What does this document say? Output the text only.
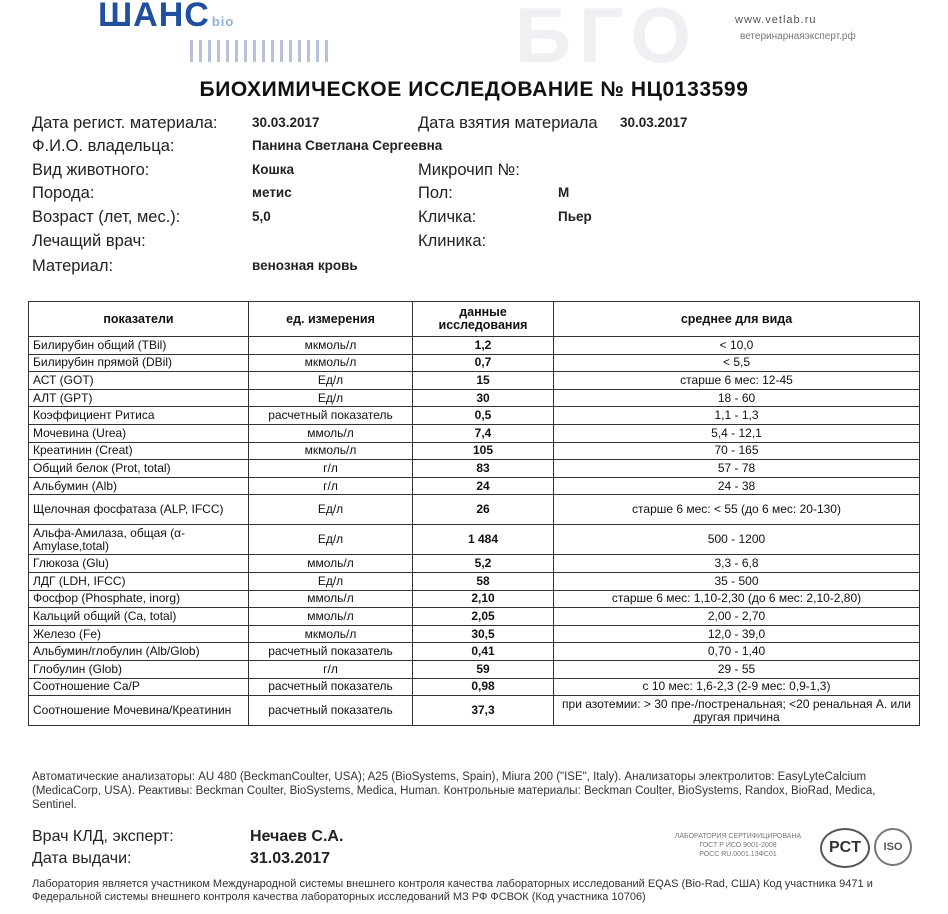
ШАНС bio	БГО	www.vetlab.ru
ветеринарнаяэксперт.рф
БИОХИМИЧЕСКОЕ ИССЛЕДОВАНИЕ № НЦ0133599
Дата регист. материала:	30.03.2017	Дата взятия материала 30.03.2017
Ф.И.О. владельца:	Панина Светлана Сергеевна
Вид животного:	Кошка	Микрочип №:
Порода:	метис	Пол:	М
Возраст (лет, мес.):	5,0	Кличка:	Пьер
Лечащий врач:	Клиника:
Материал:	венозная кровь
показатели	ед. измерения	данные исследования	среднее для вида
Билирубин общий (TBil)	мкмоль/л	1,2	< 10,0
Билирубин прямой (DBil)	мкмоль/л	0,7	< 5,5
АСТ (GOT)	Ед/л	15	старше 6 мес: 12-45
АЛТ (GPT)	Ед/л	30	18 - 60
Коэффициент Ритиса	расчетный показатель	0,5	1,1 - 1,3
Мочевина (Urea)	ммоль/л	7,4	5,4 - 12,1
Креатинин (Creat)	мкмоль/л	105	70 - 165
Общий белок (Prot, total)	г/л	83	57 - 78
Альбумин (Alb)	г/л	24	24 - 38
Щелочная фосфатаза (ALP, IFCC)	Ед/л	26	старше 6 мес: < 55 (до 6 мес: 20-130)
Альфа-Амилаза, общая (α-Amylase,total)	Ед/л	1 484	500 - 1200
Глюкоза (Glu)	ммоль/л	5,2	3,3 - 6,8
ЛДГ (LDH, IFCC)	Ед/л	58	35 - 500
Фосфор (Phosphate, inorg)	ммоль/л	2,10	старше 6 мес: 1,10-2,30 (до 6 мес: 2,10-2,80)
Кальций общий (Ca, total)	ммоль/л	2,05	2,00 - 2,70
Железо (Fe)	мкмоль/л	30,5	12,0 - 39,0
Альбумин/глобулин (Alb/Glob)	расчетный показатель	0,41	0,70 - 1,40
Глобулин (Glob)	г/л	59	29 - 55
Соотношение Ca/P	расчетный показатель	0,98	с 10 мес: 1,6-2,3 (2-9 мес: 0,9-1,3)
Соотношение Мочевина/Креатинин	расчетный показатель	37,3	при азотемии: > 30 пре-/постренальная; <20 ренальная А. или другая причина
Автоматические анализаторы: AU 480 (BeckmanCoulter, USA); A25 (BioSystems, Spain), Miura 200 ("ISE", Italy). Анализаторы электролитов: EasyLyteCalcium (MedicaCorp, USA). Реактивы: Beckman Coulter, BioSystems, Medica, Human. Контрольные материалы: Beckman Coulter, BioSystems, Randox, BioRad, Medica, Sentinel.
Врач КЛД, эксперт:	Нечаев С.А.
Дата выдачи:	31.03.2017
ЛАБОРАТОРИЯ СЕРТИФИЦИРОВАНА
ГОСТ Р ИСО 9001-2008
РОСС RU.0001.13ФС01	PCT	ISO
Лаборатория является участником Международной системы внешнего контроля качества лабораторных исследований EQAS (Bio-Rad, США) Код участника 9471 и Федеральной системы внешнего контроля качества лабораторных исследований МЗ РФ ФСВОК (Код участника 10706)
